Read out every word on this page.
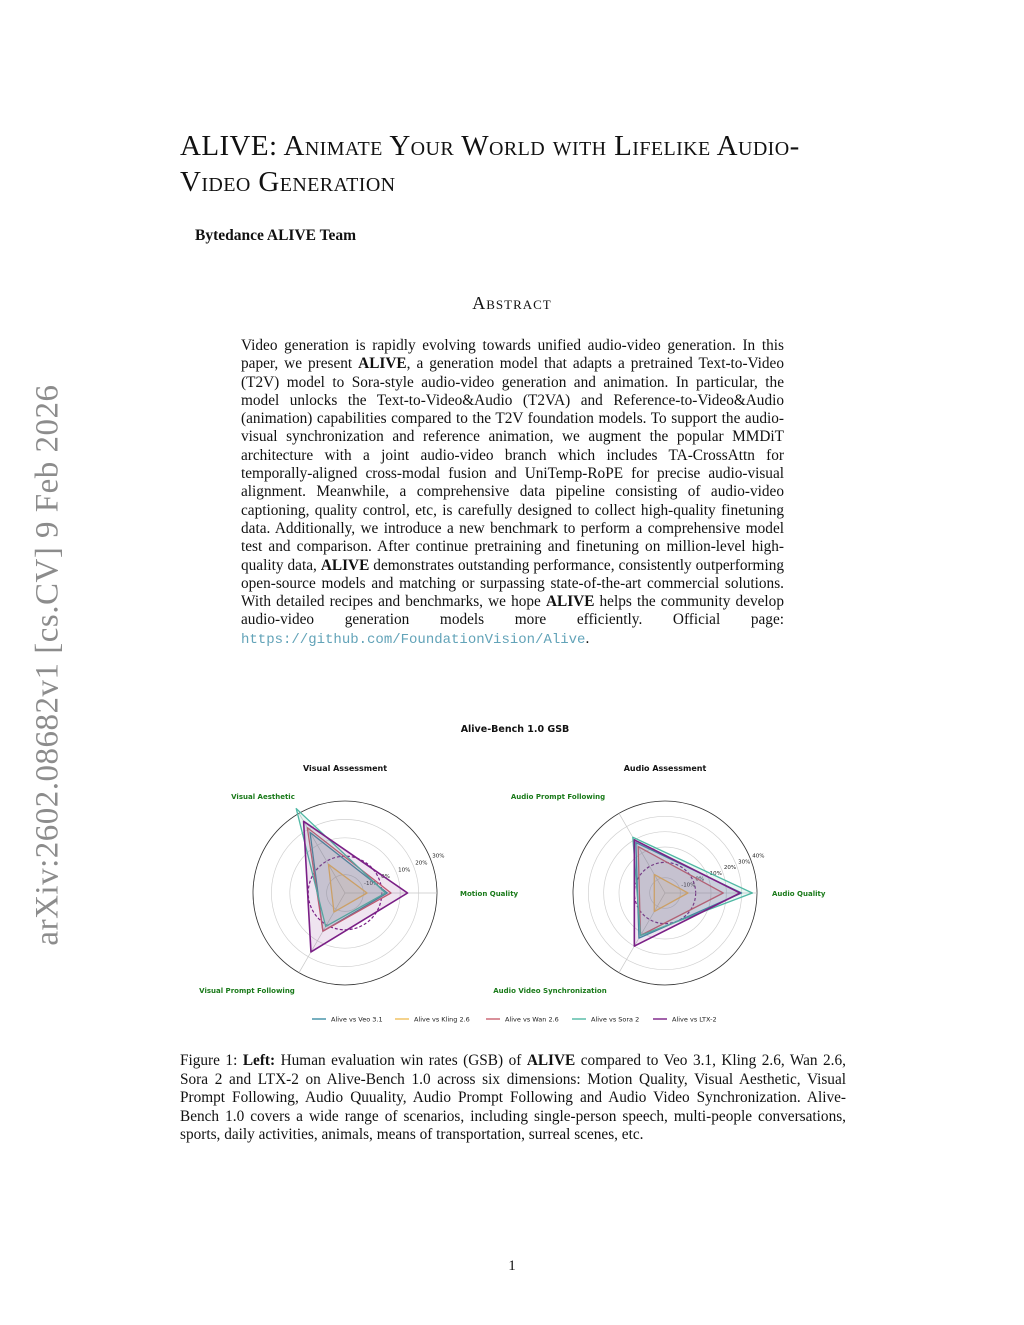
arXiv:2602.08682v1 [cs.CV] 9 Feb 2026
ALIVE: Animate Your World with Lifelike Audio-Video Generation
Bytedance ALIVE Team
Abstract
Video generation is rapidly evolving towards unified audio-video generation. In this paper, we present ALIVE, a generation model that adapts a pretrained Text-to-Video (T2V) model to Sora-style audio-video generation and animation. In particular, the model unlocks the Text-to-Video&Audio (T2VA) and Reference-to-Video&Audio (animation) capabilities compared to the T2V foundation models. To support the audio-visual synchronization and reference animation, we augment the popular MMDiT architecture with a joint audio-video branch which includes TA-CrossAttn for temporally-aligned cross-modal fusion and UniTemp-RoPE for precise audio-visual alignment. Meanwhile, a comprehensive data pipeline consisting of audio-video captioning, quality control, etc, is carefully designed to collect high-quality finetuning data. Additionally, we introduce a new benchmark to perform a comprehensive model test and comparison. After continue pretraining and finetuning on million-level high-quality data, ALIVE demonstrates outstanding performance, consistently outperforming open-source models and matching or surpassing state-of-the-art commercial solutions. With detailed recipes and benchmarks, we hope ALIVE helps the community develop audio-video generation models more efficiently. Official page: https://github.com/FoundationVision/Alive.
Alive-Bench 1.0 GSB
Visual Assessment
-10%
0%
10%
20%
30%
Motion Quality
Visual Aesthetic
Visual Prompt Following
Audio Assessment
-10%
0%
10%
20%
30%
40%
Audio Quality
Audio Prompt Following
Audio Video Synchronization
Alive vs Veo 3.1	Alive vs Kling 2.6	Alive vs Wan 2.6	Alive vs Sora 2	Alive vs LTX-2
Figure 1: Left: Human evaluation win rates (GSB) of ALIVE compared to Veo 3.1, Kling 2.6, Wan 2.6, Sora 2 and LTX-2 on Alive-Bench 1.0 across six dimensions: Motion Quality, Visual Aesthetic, Visual Prompt Following, Audio Quuality, Audio Prompt Following and Audio Video Synchronization. Alive-Bench 1.0 covers a wide range of scenarios, including single-person speech, multi-people conversations, sports, daily activities, animals, means of transportation, surreal scenes, etc.
1
